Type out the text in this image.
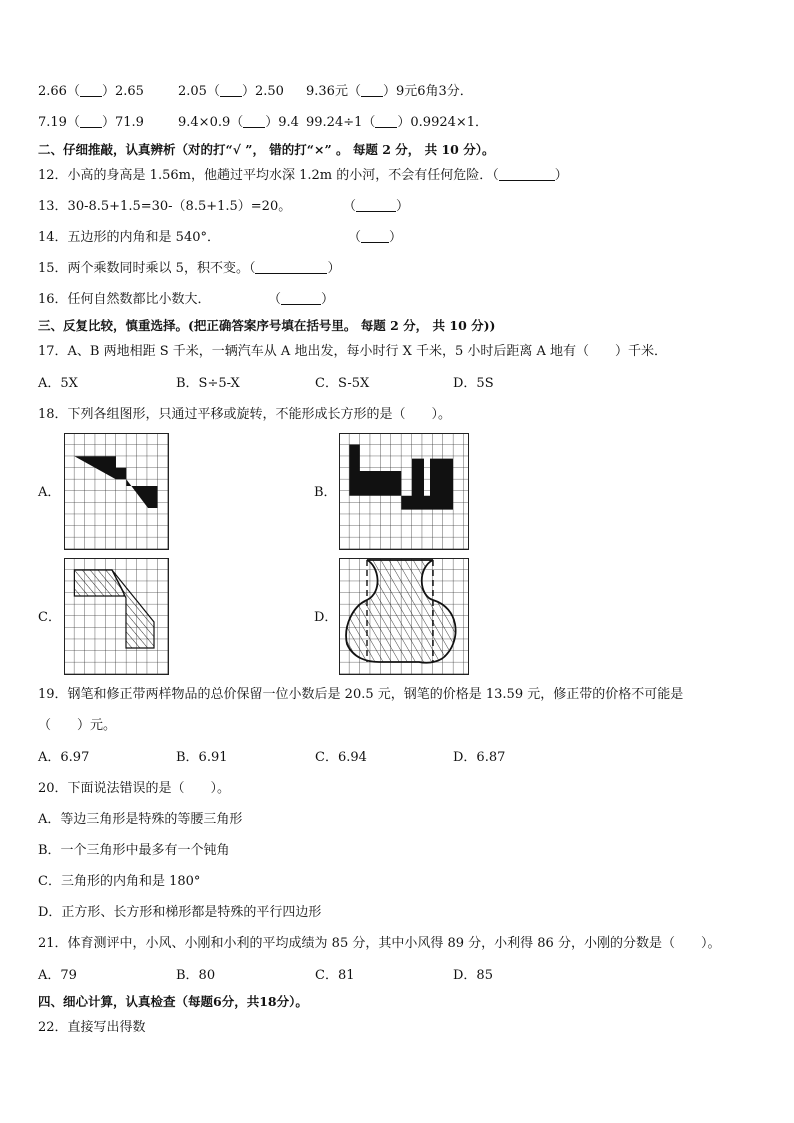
2.66（ ）2.65	2.05（ ）2.50 9.36元（ ）9元6角3分．
7.19（ ）71.9	9.4×0.9（ ）9.4 99.24÷1（ ）0.9924×1．
二、仔细推敲，认真辨析（对的打“√ ”， 错的打“×” 。 每题 2 分， 共 10 分）。
12．小高的身高是 1.56m，他趟过平均水深 1.2m 的小河，不会有任何危险．（	）
13．30-8.5+1.5=30-（8.5+1.5）=20。	（	）
14．五边形的内角和是 540°．	（ ）
15．两个乘数同时乘以 5，积不变。（	）
16．任何自然数都比小数大．	（	）
三、反复比较，慎重选择。(把正确答案序号填在括号里。 每题 2 分， 共 10 分))
17．A、B 两地相距 S 千米，一辆汽车从 A 地出发，每小时行 X 千米，5 小时后距离 A 地有（　　）千米．
A．5X	B．S÷5-X	C．S-5X	D．5S
18．下列各组图形，只通过平移或旋转，不能形成长方形的是（　　）。
A．	B．
C．	D．
19．钢笔和修正带两样物品的总价保留一位小数后是 20.5 元，钢笔的价格是 13.59 元，修正带的价格不可能是
（　　）元。
A．6.97	B．6.91	C．6.94	D．6.87
20．下面说法错误的是（　　）。
A．等边三角形是特殊的等腰三角形
B．一个三角形中最多有一个钝角
C．三角形的内角和是 180°
D．正方形、长方形和梯形都是特殊的平行四边形
21．体育测评中，小风、小刚和小利的平均成绩为 85 分，其中小风得 89 分，小利得 86 分，小刚的分数是（　　）。
A．79	B．80	C．81	D．85
四、细心计算，认真检查（每题6分，共18分）。
22．直接写出得数
